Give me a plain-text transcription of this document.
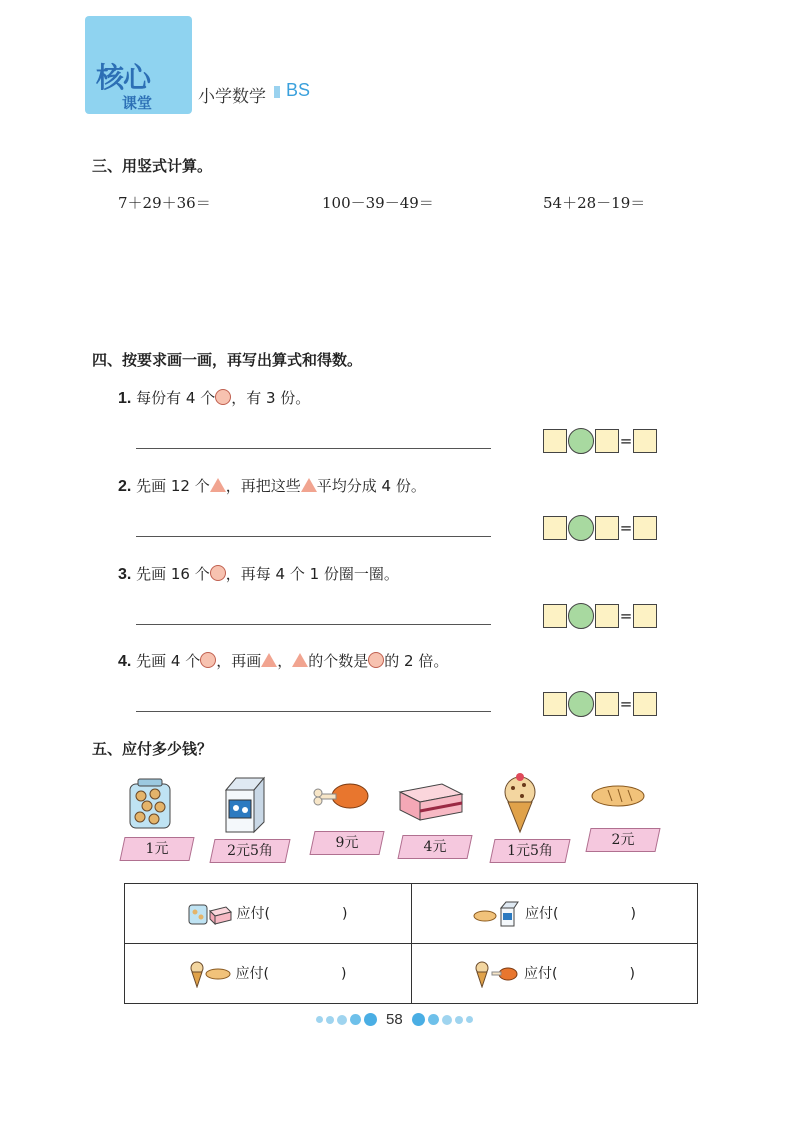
核心
课堂	小学数学 BS
三、用竖式计算。
7＋29＋36＝	100－39－49＝	54＋28－19＝
四、按要求画一画，再写出算式和得数。
1. 每份有 4 个 ，有 3 份。
=
2. 先画 12 个 ，再把这些 平均分成 4 份。
=
3. 先画 16 个 ，再每 4 个 1 份圈一圈。
=
4. 先画 4 个 ，再画 ， 的个数是 的 2 倍。
=
五、应付多少钱？
1元	2元5角	9元	4元	1元5角
2元
应付( )	应付( )
应付( )	应付( )
58
